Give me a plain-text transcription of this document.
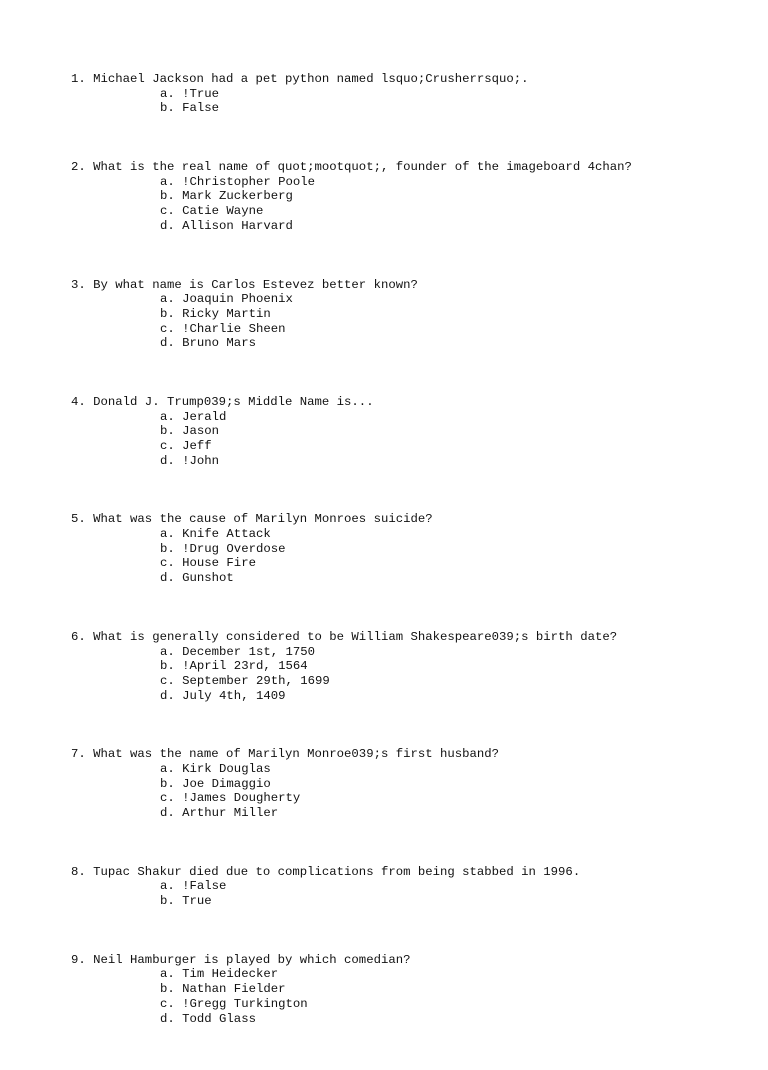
1. Michael Jackson had a pet python named lsquo;Crusherrsquo;.
a. !True
b. False
2. What is the real name of quot;mootquot;, founder of the imageboard 4chan?
a. !Christopher Poole
b. Mark Zuckerberg
c. Catie Wayne
d. Allison Harvard
3. By what name is Carlos Estevez better known?
a. Joaquin Phoenix
b. Ricky Martin
c. !Charlie Sheen
d. Bruno Mars
4. Donald J. Trump039;s Middle Name is...
a. Jerald
b. Jason
c. Jeff
d. !John
5. What was the cause of Marilyn Monroes suicide?
a. Knife Attack
b. !Drug Overdose
c. House Fire
d. Gunshot
6. What is generally considered to be William Shakespeare039;s birth date?
a. December 1st, 1750
b. !April 23rd, 1564
c. September 29th, 1699
d. July 4th, 1409
7. What was the name of Marilyn Monroe039;s first husband?
a. Kirk Douglas
b. Joe Dimaggio
c. !James Dougherty
d. Arthur Miller
8. Tupac Shakur died due to complications from being stabbed in 1996.
a. !False
b. True
9. Neil Hamburger is played by which comedian?
a. Tim Heidecker
b. Nathan Fielder
c. !Gregg Turkington
d. Todd Glass
